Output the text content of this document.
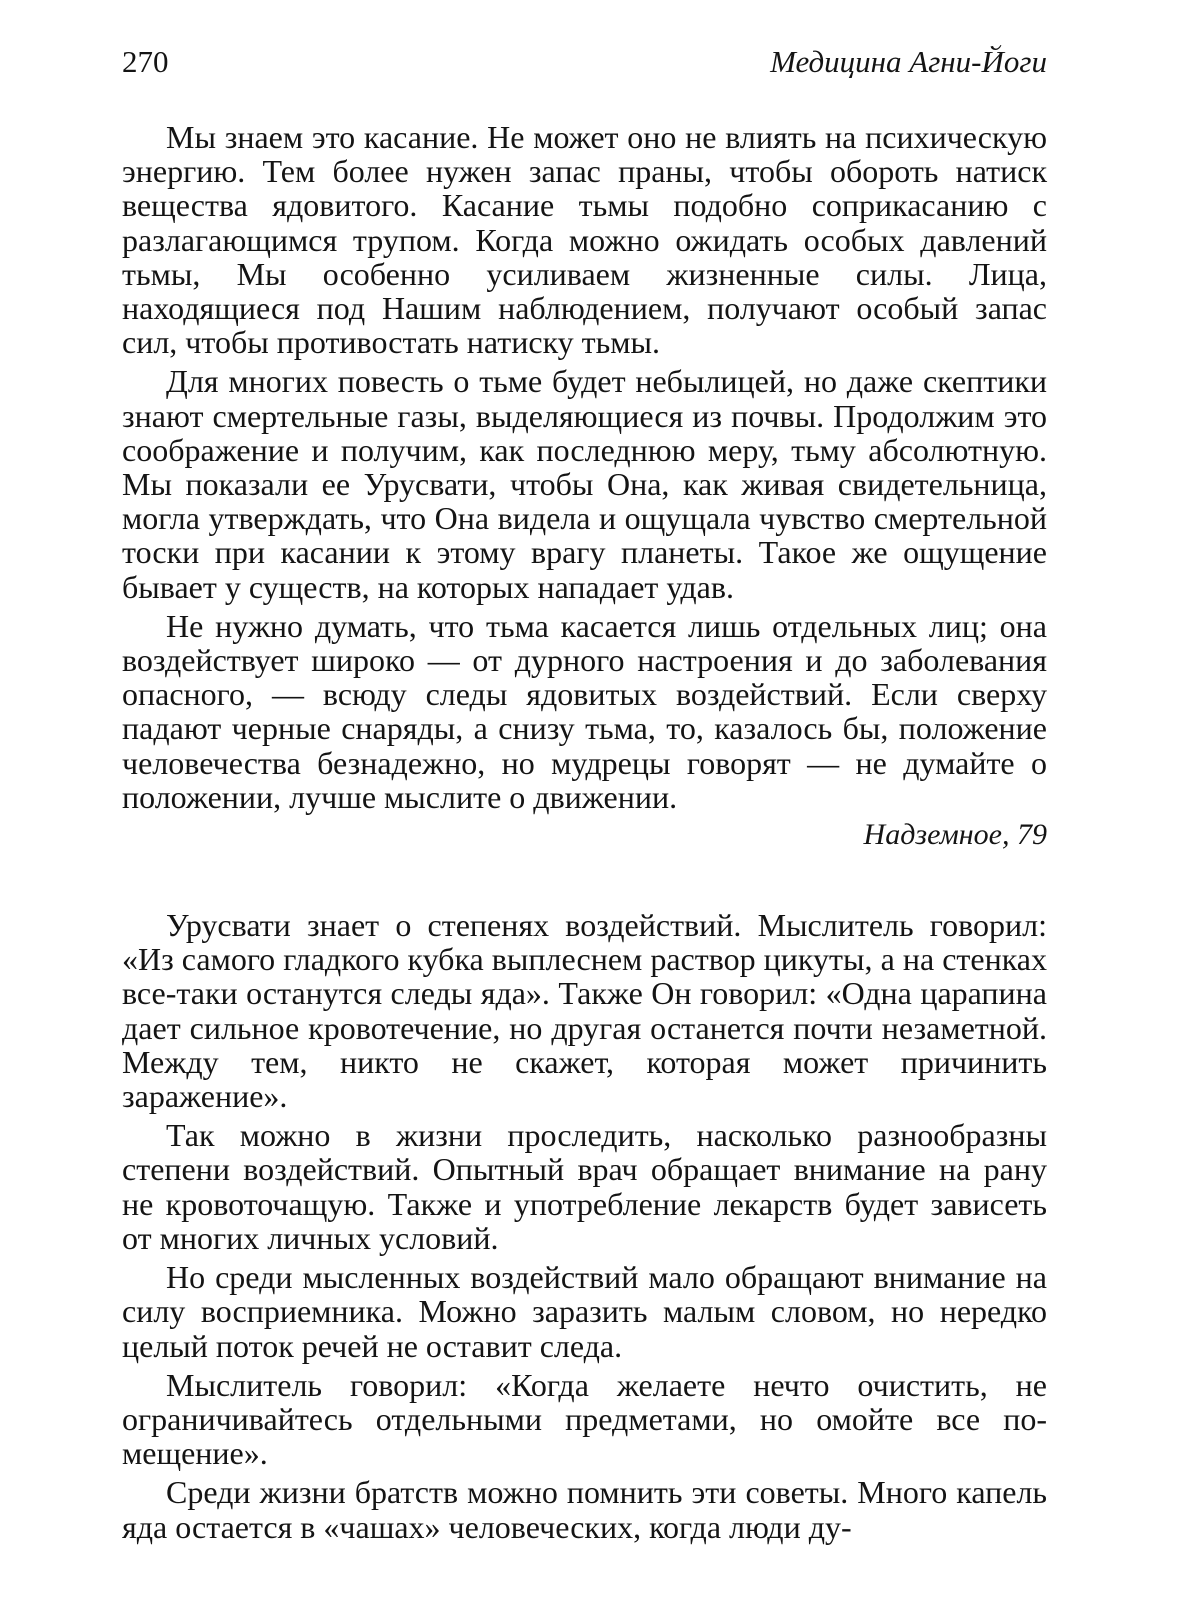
270	Медицина Агни-Йоги

Мы знаем это касание. Не может оно не влиять на психическую энергию. Тем более нужен запас праны, чтобы обороть натиск вещества ядовитого. Касание тьмы подобно соприкасанию с разлагающимся трупом. Когда можно ожидать особых давлений тьмы, Мы особенно усиливаем жизненные силы. Лица, находящиеся под Нашим наблюдением, получают особый запас сил, чтобы противостать натиску тьмы.

Для многих повесть о тьме будет небылицей, но даже скептики знают смертельные газы, выделяющиеся из почвы. Продолжим это соображение и получим, как последнюю меру, тьму абсолютную. Мы показали ее Урусвати, чтобы Она, как живая свидетельница, могла утверждать, что Она видела и ощущала чувство смертельной тоски при касании к этому врагу планеты. Такое же ощущение бывает у существ, на которых нападает удав.

Не нужно думать, что тьма касается лишь отдельных лиц; она воздействует широко — от дурного настроения и до заболевания опасного, — всюду следы ядовитых воздействий. Если сверху падают черные снаряды, а снизу тьма, то, казалось бы, положение человечества безнадежно, но мудрецы говорят — не думайте о положении, лучше мыслите о движении.

Надземное, 79

Урусвати знает о степенях воздействий. Мыслитель говорил: «Из самого гладкого кубка выплеснем раствор цикуты, а на стенках все-таки останутся следы яда». Также Он говорил: «Одна царапина дает сильное кровотечение, но другая останется почти незаметной. Между тем, никто не скажет, которая может причинить заражение».

Так можно в жизни проследить, насколько разнообразны степени воздействий. Опытный врач обращает внимание на рану не кровоточащую. Также и употребление лекарств будет зависеть от многих личных условий.

Но среди мысленных воздействий мало обращают внимание на силу восприемника. Можно заразить малым словом, но нередко целый поток речей не оставит следа.

Мыслитель говорил: «Когда желаете нечто очистить, не ограничивайтесь отдельными предметами, но омойте все помещение».

Среди жизни братств можно помнить эти советы. Много капель яда остается в «чашах» человеческих, когда люди ду-
